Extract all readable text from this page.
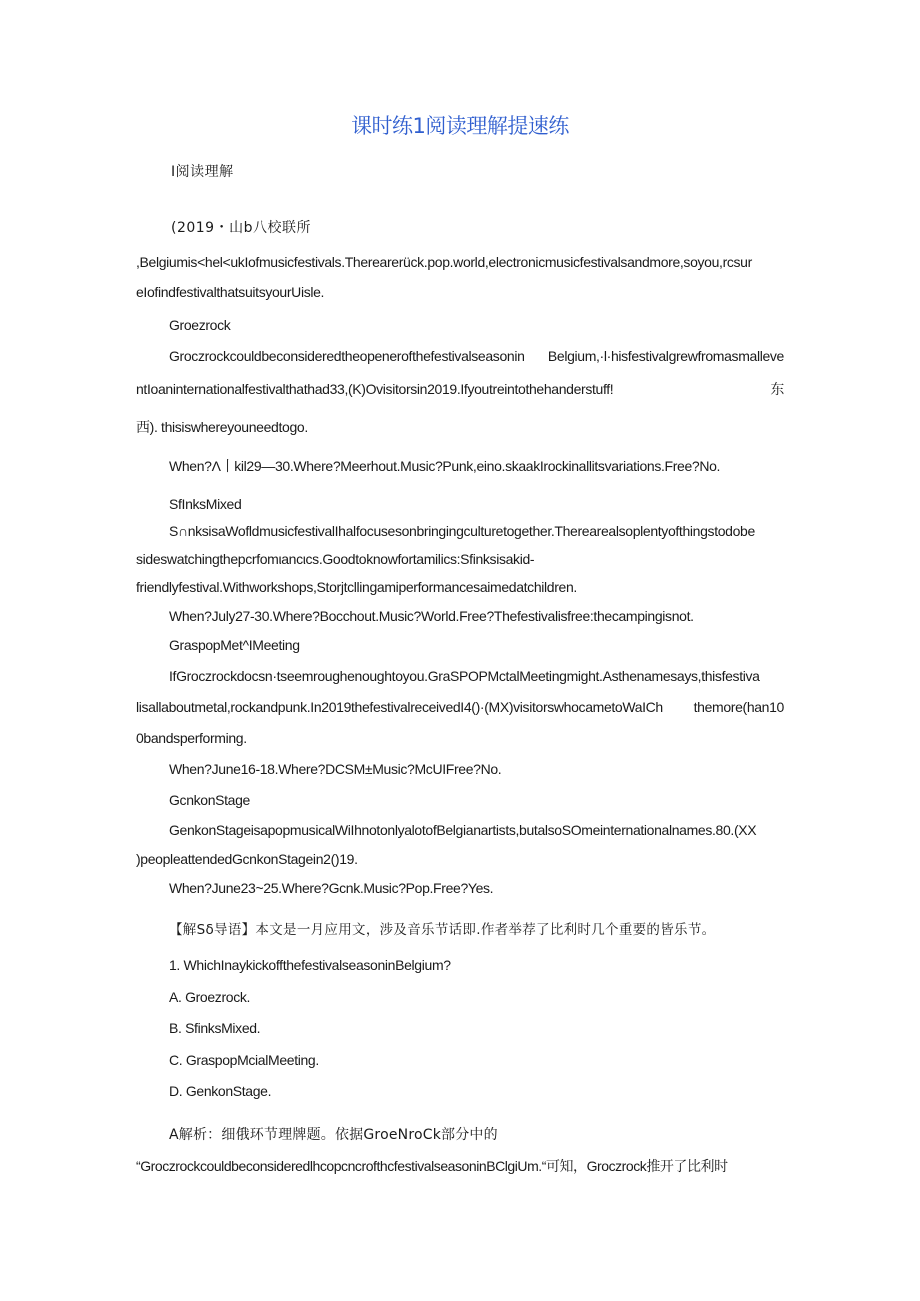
课时练1阅读理解提速练
I阅读理解
(2019・山b八校联所
,Belgiumis<hel<ukIofmusicfestivals.Therearerück.pop.world,electronicmusicfestivalsandmore,soyou,rcsur
eIofindfestivalthatsuitsyourUisle.
Groezrock
Groczrockcouldbeconsideredtheopenerofthefestivalseasonin Belgium,·l·hisfestivalgrewfromasmalleve
ntIoaninternationalfestivalthathad33,(K)Ovisitorsin2019.Ifyoutreintothehanderstuff!东
西). thisiswhereyouneedtogo.
When?Λ丨kil29—30.Where?Meerhout.Music?Punk,eino.skaakIrockinallitsvariations.Free?No.
SfInksMixed
S∩nksisaWofldmusicfestivalIhalfocusesonbringingculturetogether.Therearealsoplentyofthingstodobe
sideswatchingthepcrfomιancιcs.Goodtoknowfortamilics:Sfinksisakid-
friendlyfestival.Withworkshops,Storjtcllingamiperformancesaimedatchildren.
When?July27-30.Where?Bocchout.Music?World.Free?Thefestivalisfree:thecampingisnot.
GraspopMet^IMeeting
IfGroczrockdocsn·tseemroughenoughtoyou.GraSPOPMctalMeetingmight.Asthenamesays,thisfestiva
lisallaboutmetal,rockandpunk.In2019thefestivalreceivedI4()·(MX)visitorswhocametoWaICh themore(han10
0bandsperforming.
When?June16-18.Where?DCSM±Music?McUIFree?No.
GcnkonStage
GenkonStageisapopmusicalWiIhnotonlyalotofBelgianartists,butalsoSOmeinternationalnames.80.(XX
)peopleattendedGcnkonStagein2()19.
When?June23~25.Where?Gcnk.Music?Pop.Free?Yes.
【解Sδ导语】本文是一月应用文，涉及音乐节话即.作者举荐了比利时几个重要的皆乐节。
1. WhichInaykickoffthefestivalseasoninBelgium?
A. Groezrock.
B. SfinksMixed.
C. GraspopMcialMeeting.
D. GenkonStage.
A解析：细俄环节理牌题。依据GroeNroCk部分中的
“GroczrockcouldbeconsideredlhcopcncrofthcfestivalseasoninBClgiUm.“可知，Groczrock推开了比利时
